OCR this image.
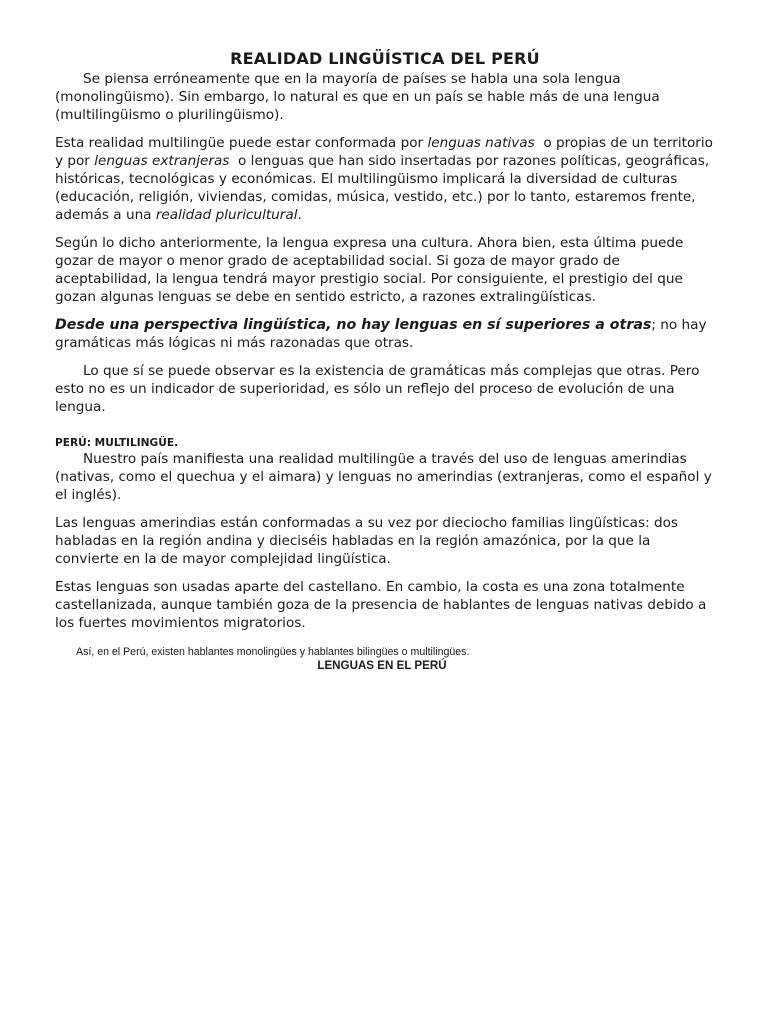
REALIDAD LINGÜÍSTICA DEL PERÚ

Se piensa erróneamente que en la mayoría de países se habla una sola lengua (monolingüismo). Sin embargo, lo natural es que en un país se hable más de una lengua (multilingüismo o plurilingüismo).

Esta realidad multilingüe puede estar conformada por lenguas nativas  o propias de un territorio y por lenguas extranjeras  o lenguas que han sido insertadas por razones políticas, geográficas, históricas, tecnológicas y económicas. El multilingüismo implicará la diversidad de culturas (educación, religión, viviendas, comidas, música, vestido, etc.) por lo tanto, estaremos frente, además a una realidad pluricultural.

Según lo dicho anteriormente, la lengua expresa una cultura. Ahora bien, esta última puede gozar de mayor o menor grado de aceptabilidad social. Si goza de mayor grado de aceptabilidad, la lengua tendrá mayor prestigio social. Por consiguiente, el prestigio del que gozan algunas lenguas se debe en sentido estricto, a razones extralingüísticas.

Desde una perspectiva lingüística, no hay lenguas en sí superiores a otras; no hay gramáticas más lógicas ni más razonadas que otras.

Lo que sí se puede observar es la existencia de gramáticas más complejas que otras. Pero esto no es un indicador de superioridad, es sólo un reflejo del proceso de evolución de una lengua.

PERÚ: MULTILINGÜE.

Nuestro país manifiesta una realidad multilingüe a través del uso de lenguas amerindias (nativas, como el quechua y el aimara) y lenguas no amerindias (extranjeras, como el español y el inglés).

Las lenguas amerindias están conformadas a su vez por dieciocho familias lingüísticas: dos habladas en la región andina y dieciséis habladas en la región amazónica, por la que la convierte en la de mayor complejidad lingüística.

Estas lenguas son usadas aparte del castellano. En cambio, la costa es una zona totalmente castellanizada, aunque también goza de la presencia de hablantes de lenguas nativas debido a los fuertes movimientos migratorios.

Así, en el Perú, existen hablantes monolingües y hablantes bilingües o multilingües.
LENGUAS EN EL PERÚ
